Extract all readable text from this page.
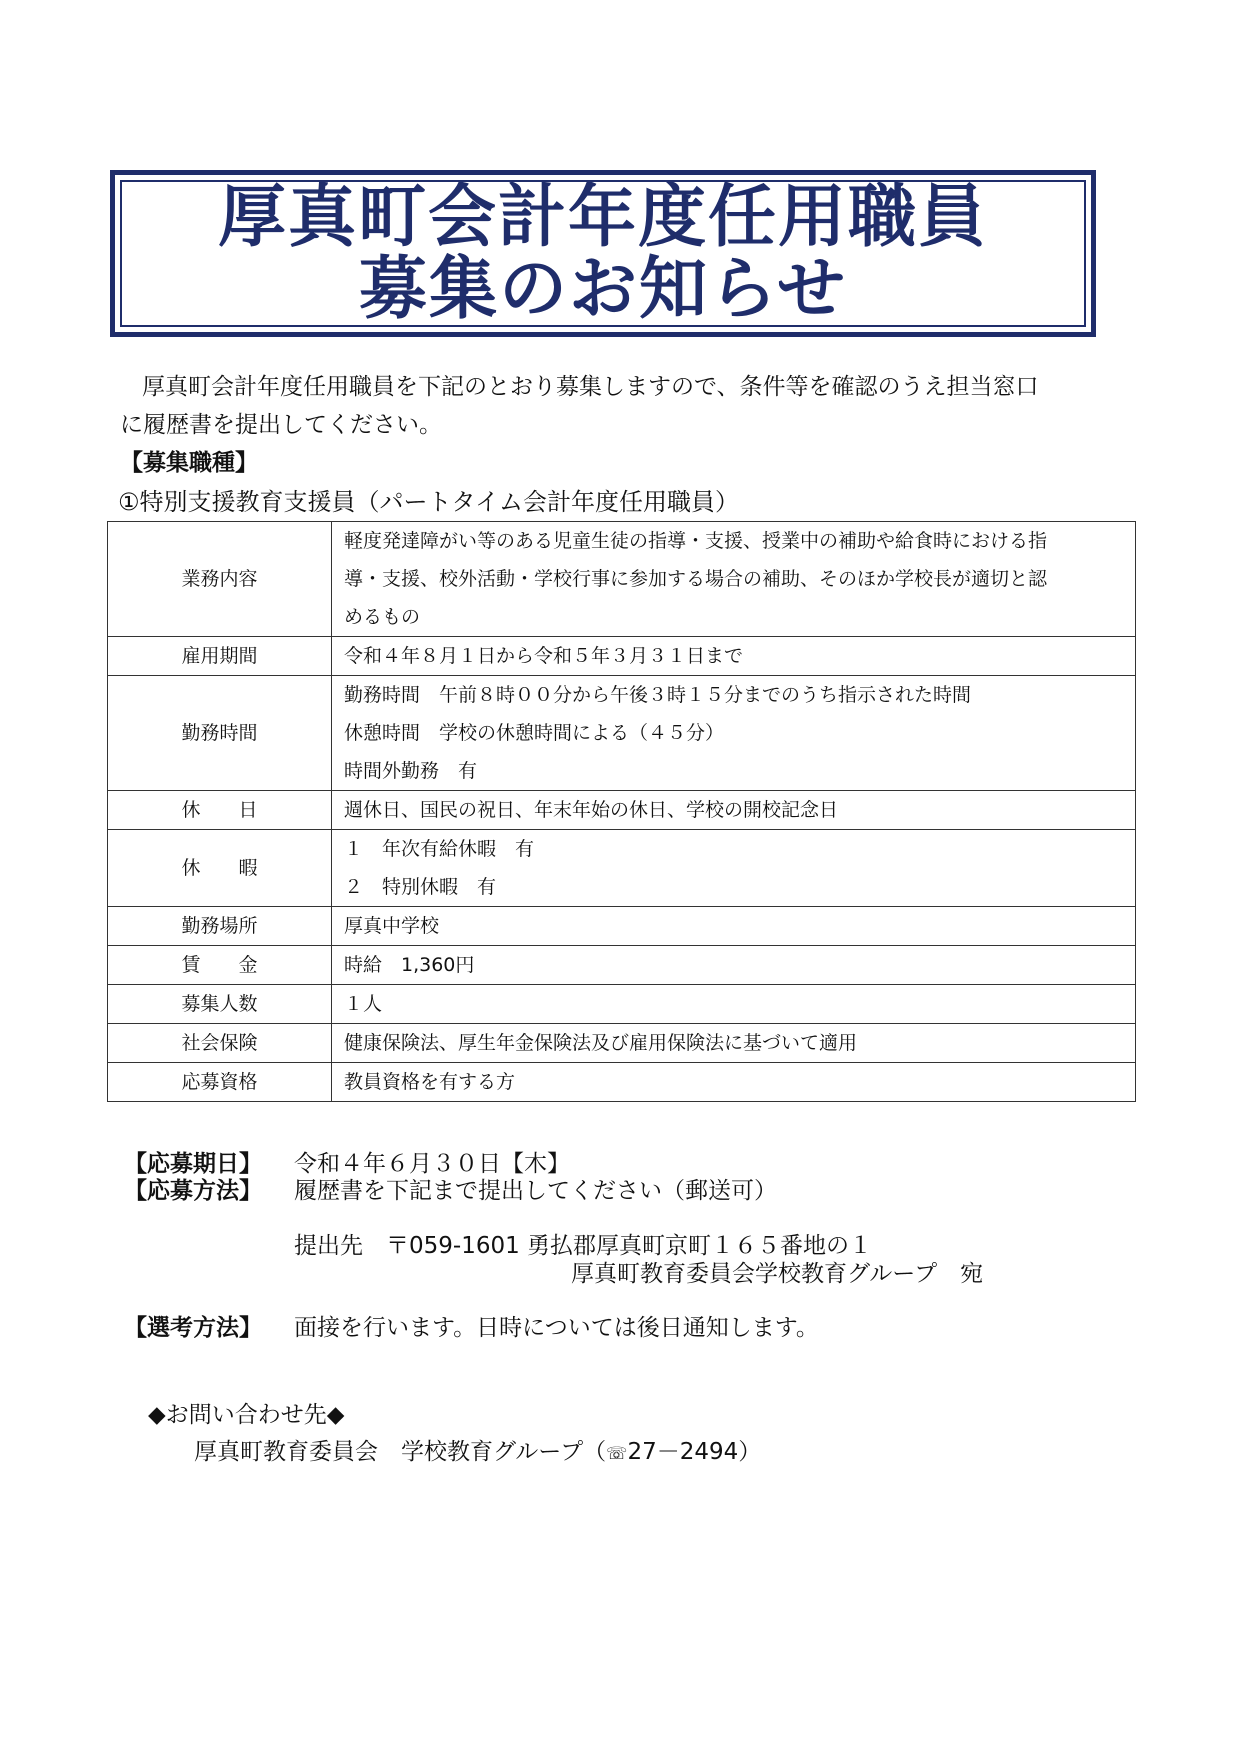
厚真町会計年度任用職員
募集のお知らせ
厚真町会計年度任用職員を下記のとおり募集しますので、条件等を確認のうえ担当窓口
に履歴書を提出してください。
【募集職種】
①特別支援教育支援員（パートタイム会計年度任用職員）
業務内容	軽度発達障がい等のある児童生徒の指導・支援、授業中の補助や給食時における指
導・支援、校外活動・学校行事に参加する場合の補助、そのほか学校長が適切と認
めるもの

雇用期間	令和４年８月１日から令和５年３月３１日まで

勤務時間	勤務時間　午前８時００分から午後３時１５分までのうち指示された時間
休憩時間　学校の休憩時間による（４５分）
時間外勤務　有

休　　日	週休日、国民の祝日、年末年始の休日、学校の開校記念日

休　　暇	１　年次有給休暇　有
２　特別休暇　有

勤務場所	厚真中学校

賃　　金	時給　1,360円

募集人数	１人

社会保険	健康保険法、厚生年金保険法及び雇用保険法に基づいて適用

応募資格	教員資格を有する方
【応募期日】 令和４年６月３０日【木】
【応募方法】 履歴書を下記まで提出してください（郵送可）
提出先　〒059-1601 勇払郡厚真町京町１６５番地の１
厚真町教育委員会学校教育グループ　宛
【選考方法】 面接を行います。日時については後日通知します。
◆お問い合わせ先◆
厚真町教育委員会　学校教育グループ（☏27－2494）
